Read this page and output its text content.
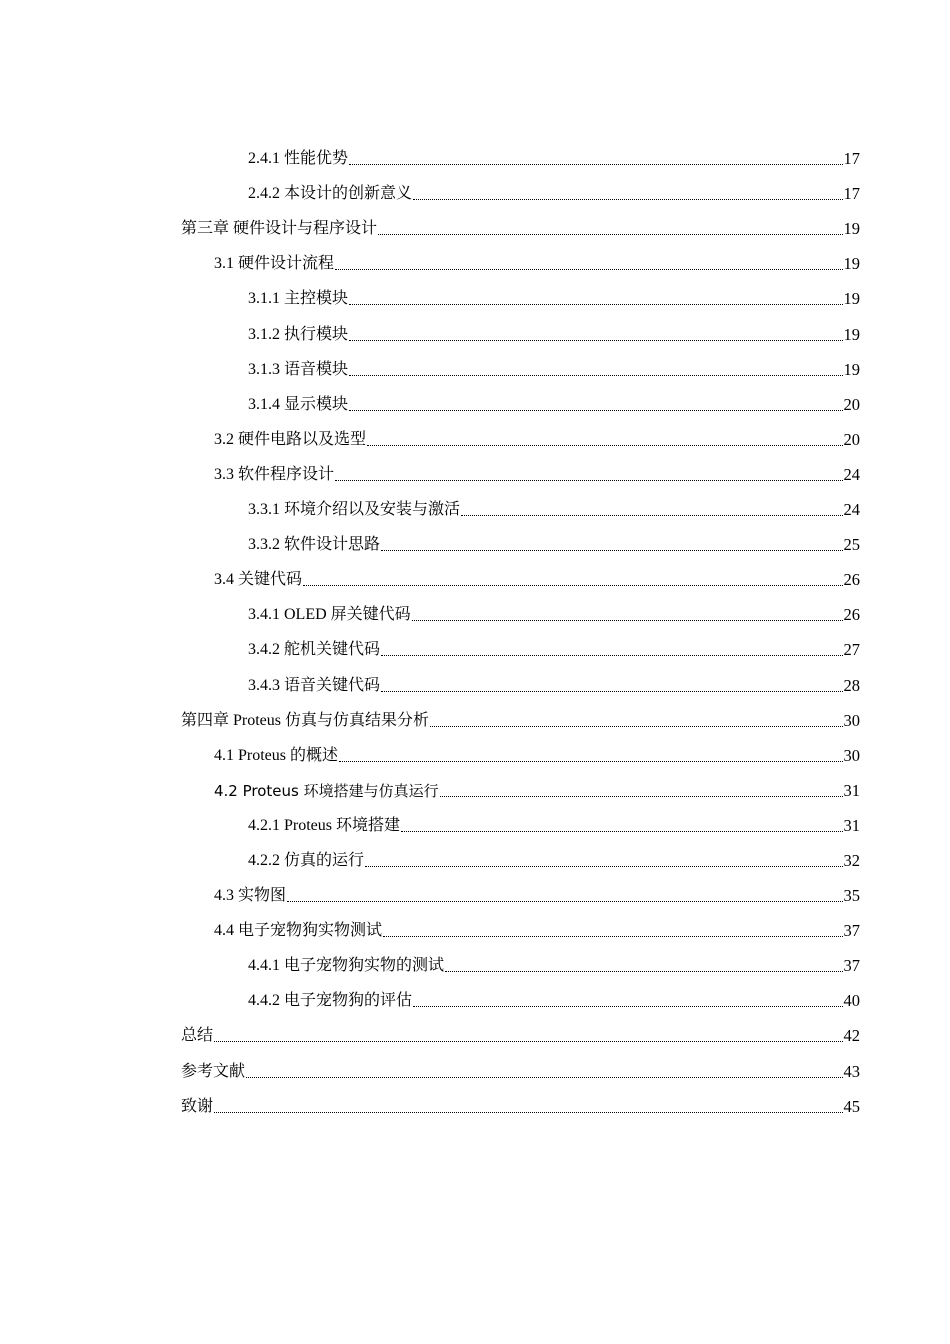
2.4.1 性能优势	17
2.4.2 本设计的创新意义	17
第三章 硬件设计与程序设计	19
3.1 硬件设计流程	19
3.1.1 主控模块	19
3.1.2 执行模块	19
3.1.3 语音模块	19
3.1.4 显示模块	20
3.2 硬件电路以及选型	20
3.3 软件程序设计	24
3.3.1 环境介绍以及安装与激活	24
3.3.2 软件设计思路	25
3.4 关键代码	26
3.4.1 OLED 屏关键代码	26
3.4.2 舵机关键代码	27
3.4.3 语音关键代码	28
第四章 Proteus 仿真与仿真结果分析	30
4.1 Proteus 的概述	30
4.2 Proteus 环境搭建与仿真运行	31
4.2.1 Proteus 环境搭建	31
4.2.2 仿真的运行	32
4.3 实物图	35
4.4 电子宠物狗实物测试	37
4.4.1 电子宠物狗实物的测试	37
4.4.2 电子宠物狗的评估	40
总结	42
参考文献	43
致谢	45
